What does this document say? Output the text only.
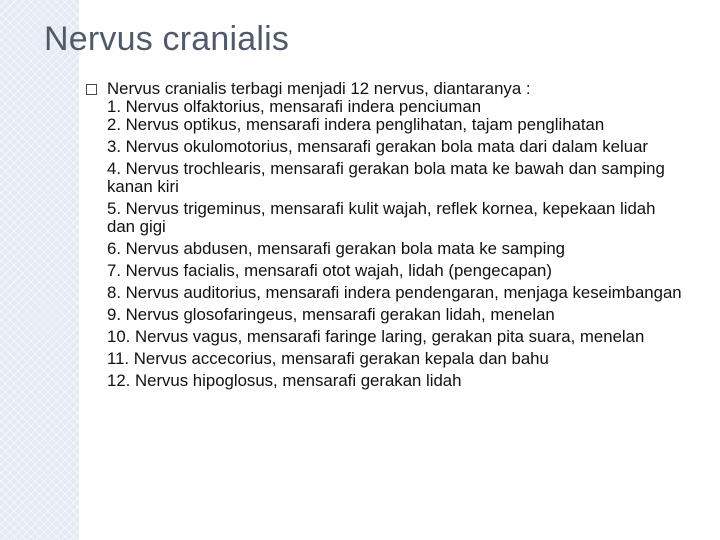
Nervus cranialis

Nervus cranialis terbagi menjadi 12 nervus, diantaranya :

1. Nervus olfaktorius, mensarafi indera penciuman
2. Nervus optikus, mensarafi indera penglihatan, tajam penglihatan
3. Nervus okulomotorius, mensarafi gerakan bola mata dari dalam keluar
4. Nervus trochlearis, mensarafi gerakan bola mata ke bawah dan samping kanan kiri
5. Nervus trigeminus, mensarafi kulit wajah, reflek kornea, kepekaan lidah dan gigi
6. Nervus abdusen, mensarafi gerakan bola mata ke samping
7. Nervus facialis, mensarafi otot wajah, lidah (pengecapan)
8. Nervus auditorius, mensarafi indera pendengaran, menjaga keseimbangan
9. Nervus glosofaringeus, mensarafi gerakan lidah, menelan
10. Nervus vagus, mensarafi faringe laring, gerakan pita suara, menelan
11. Nervus accecorius, mensarafi gerakan kepala dan bahu
12. Nervus hipoglosus, mensarafi gerakan lidah
